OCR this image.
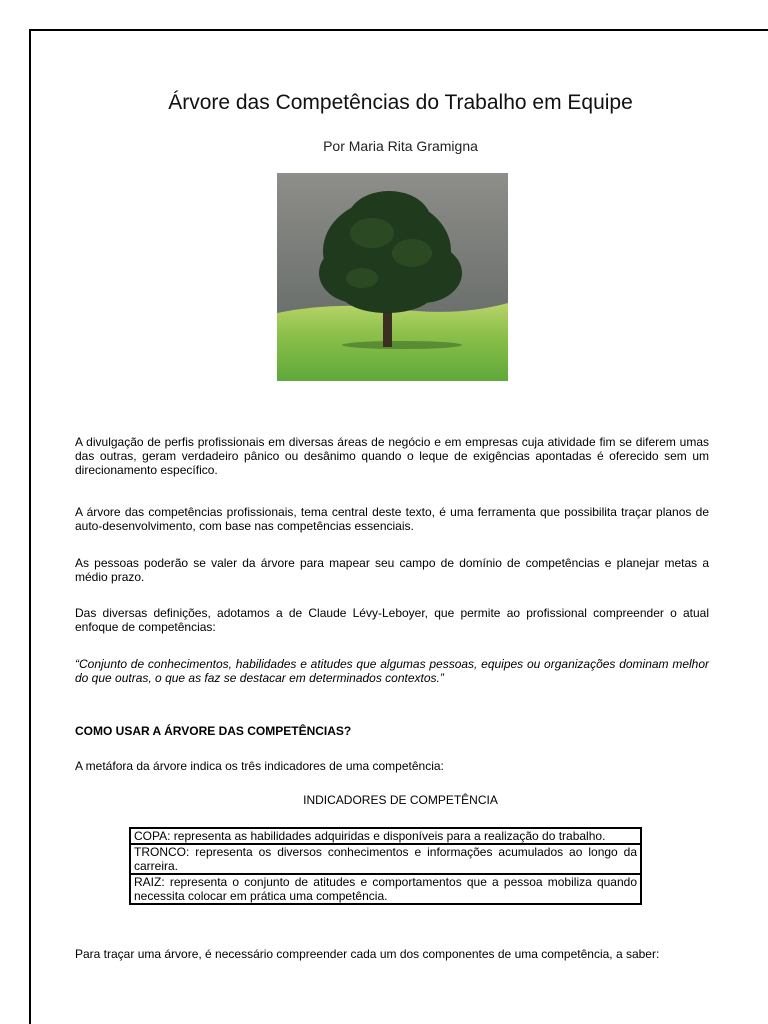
Árvore das Competências do Trabalho em Equipe
Por Maria Rita Gramigna

A divulgação de perfis profissionais em diversas áreas de negócio e em empresas cuja atividade fim se diferem umas das outras, geram verdadeiro pânico ou desânimo quando o leque de exigências apontadas é oferecido sem um direcionamento específico.

A árvore das competências profissionais, tema central deste texto, é uma ferramenta que possibilita traçar planos de auto-desenvolvimento, com base nas competências essenciais.

As pessoas poderão se valer da árvore para mapear seu campo de domínio de competências e planejar metas a médio prazo.

Das diversas definições, adotamos a de Claude Lévy-Leboyer, que permite ao profissional compreender o atual enfoque de competências:

“Conjunto de conhecimentos, habilidades e atitudes que algumas pessoas, equipes ou organizações dominam melhor do que outras, o que as faz se destacar em determinados contextos.”

COMO USAR A ÁRVORE DAS COMPETÊNCIAS?

A metáfora da árvore indica os três indicadores de uma competência:

INDICADORES DE COMPETÊNCIA
COPA: representa as habilidades adquiridas e disponíveis para a realização do trabalho.
TRONCO: representa os diversos conhecimentos e informações acumulados ao longo da carreira.
RAIZ: representa o conjunto de atitudes e comportamentos que a pessoa mobiliza quando necessita colocar em prática uma competência.

Para traçar uma árvore, é necessário compreender cada um dos componentes de uma competência, a saber:
